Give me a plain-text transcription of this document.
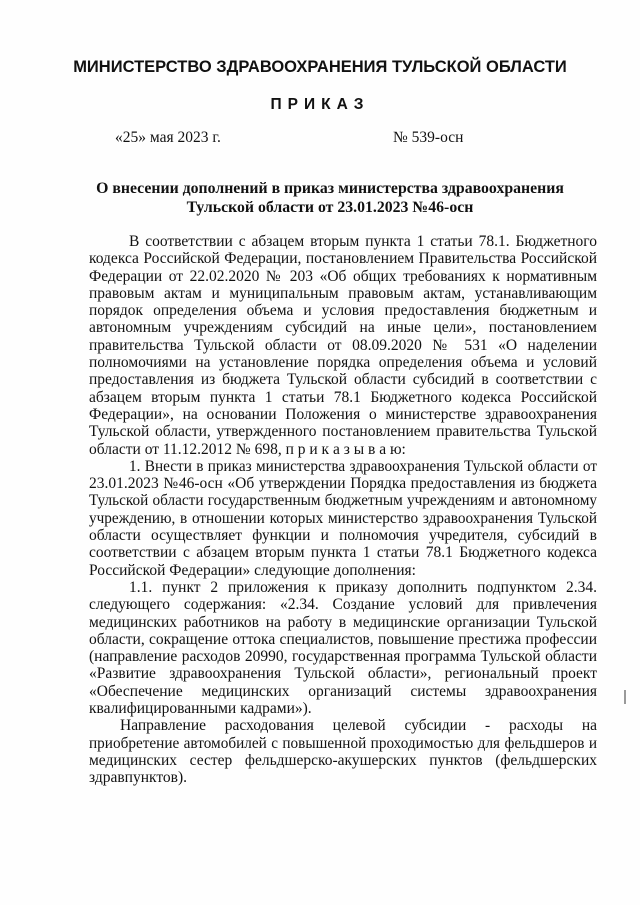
МИНИСТЕРСТВО ЗДРАВООХРАНЕНИЯ ТУЛЬСКОЙ ОБЛАСТИ
ПРИКАЗ
«25» мая 2023 г.	№ 539-осн
О внесении дополнений в приказ министерства здравоохранения
Тульской области от 23.01.2023 №46-осн
В соответствии с абзацем вторым пункта 1 статьи 78.1. Бюджетного
кодекса Российской Федерации, постановлением Правительства Российской
Федерации от 22.02.2020 № 203 «Об общих требованиях к нормативным
правовым актам и муниципальным правовым актам, устанавливающим
порядок определения объема и условия предоставления бюджетным и
автономным учреждениям субсидий на иные цели», постановлением
правительства Тульской области от 08.09.2020 № 531 «О наделении
полномочиями на установление порядка определения объема и условий
предоставления из бюджета Тульской области субсидий в соответствии с
абзацем вторым пункта 1 статьи 78.1 Бюджетного кодекса Российской
Федерации», на основании Положения о министерстве здравоохранения
Тульской области, утвержденного постановлением правительства Тульской
области от 11.12.2012 № 698, п р и к а з ы в а ю:
1. Внести в приказ министерства здравоохранения Тульской области от
23.01.2023 №46-осн «Об утверждении Порядка предоставления из бюджета
Тульской области государственным бюджетным учреждениям и автономному
учреждению, в отношении которых министерство здравоохранения Тульской
области осуществляет функции и полномочия учредителя, субсидий в
соответствии с абзацем вторым пункта 1 статьи 78.1 Бюджетного кодекса
Российской Федерации» следующие дополнения:
1.1. пункт 2 приложения к приказу дополнить подпунктом 2.34.
следующего содержания: «2.34. Создание условий для привлечения
медицинских работников на работу в медицинские организации Тульской
области, сокращение оттока специалистов, повышение престижа профессии
(направление расходов 20990, государственная программа Тульской области
«Развитие здравоохранения Тульской области», региональный проект
«Обеспечение медицинских организаций системы здравоохранения
квалифицированными кадрами»).
Направление расходования целевой субсидии - расходы на
приобретение автомобилей с повышенной проходимостью для фельдшеров и
медицинских сестер фельдшерско-акушерских пунктов (фельдшерских
здравпунктов).
